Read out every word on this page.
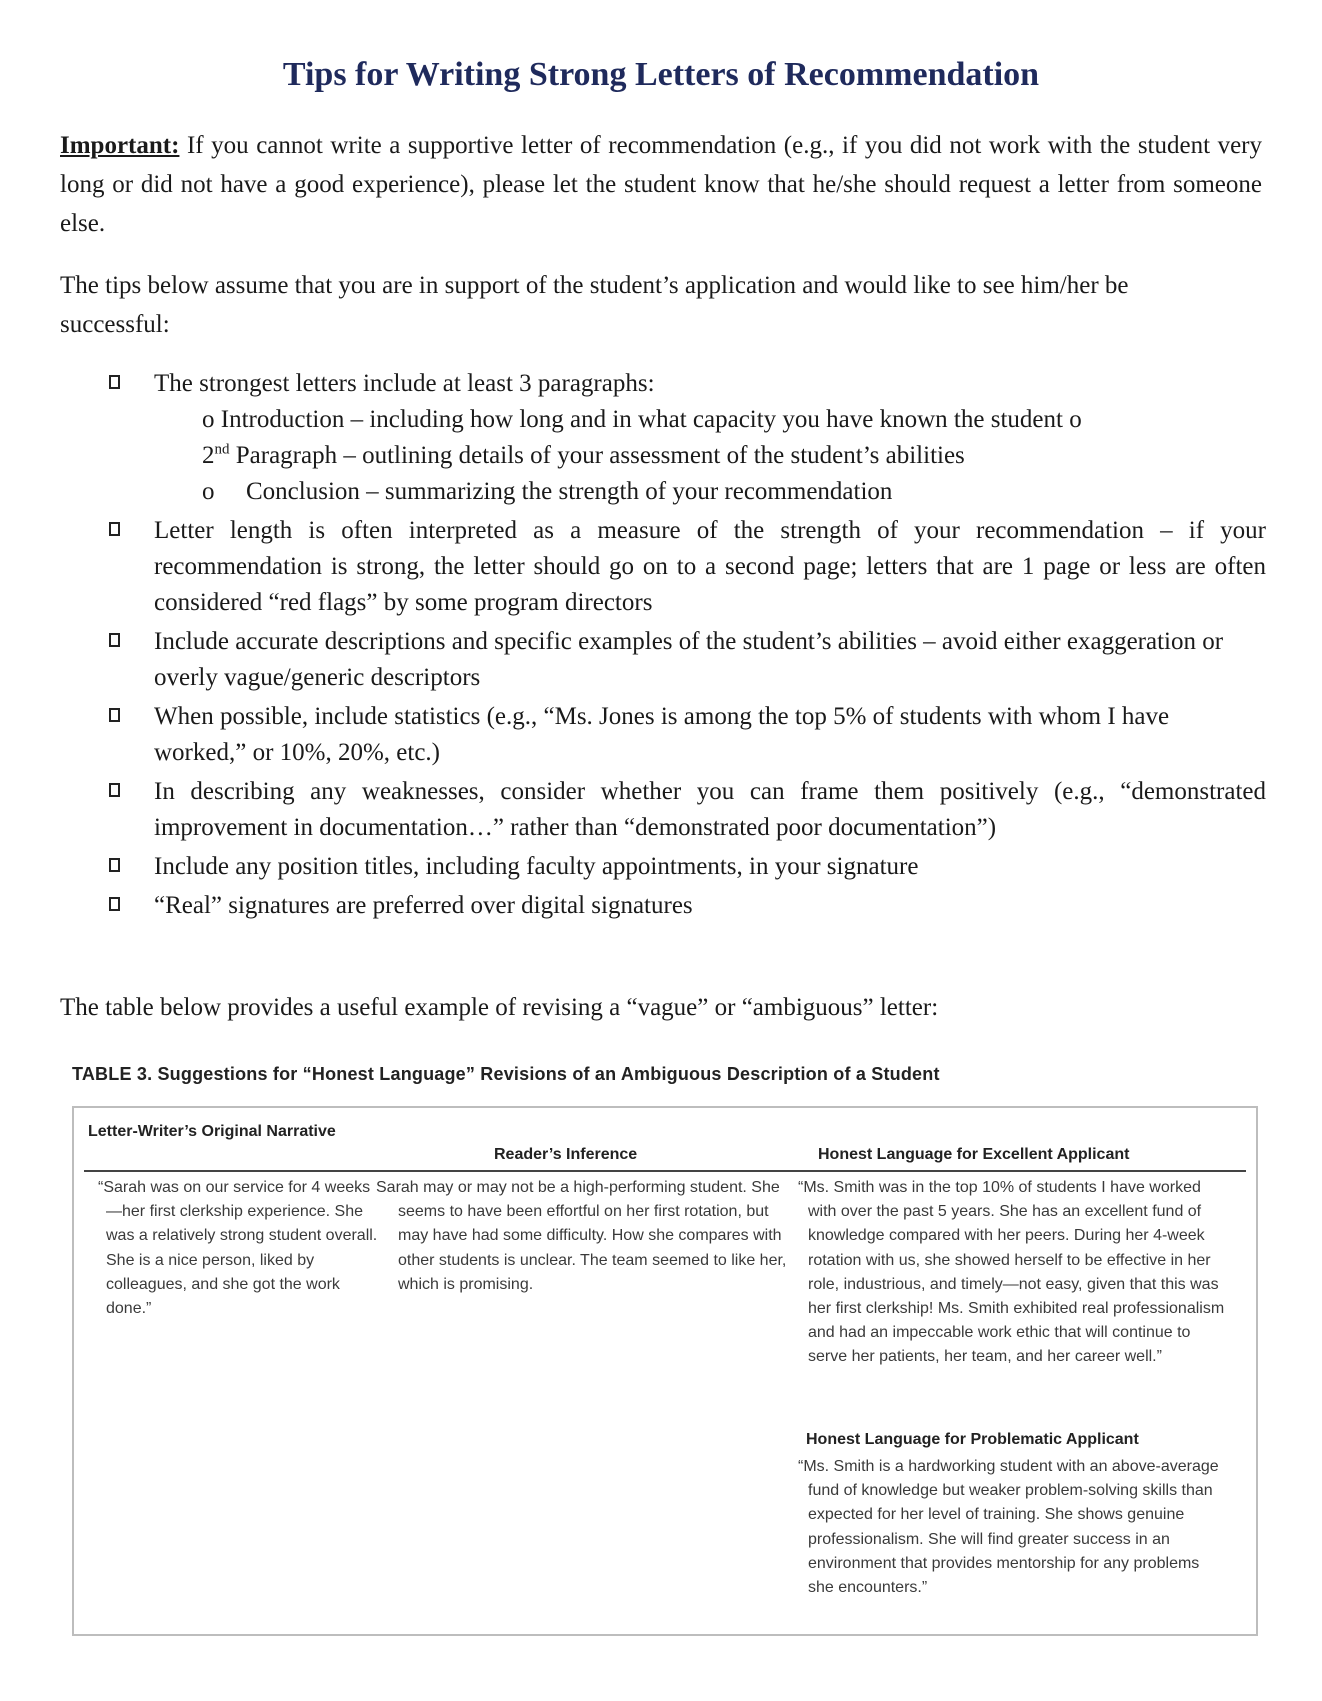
Tips for Writing Strong Letters of Recommendation
Important: If you cannot write a supportive letter of recommendation (e.g., if you did not work with the student very long or did not have a good experience), please let the student know that he/she should request a letter from someone else.
The tips below assume that you are in support of the student’s application and would like to see him/her be successful:
The strongest letters include at least 3 paragraphs:
o Introduction – including how long and in what capacity you have known the student o
2nd Paragraph – outlining details of your assessment of the student’s abilities
o Conclusion – summarizing the strength of your recommendation
Letter length is often interpreted as a measure of the strength of your recommendation – if your recommendation is strong, the letter should go on to a second page; letters that are 1 page or less are often considered “red flags” by some program directors
Include accurate descriptions and specific examples of the student’s abilities – avoid either exaggeration or overly vague/generic descriptors
When possible, include statistics (e.g., “Ms. Jones is among the top 5% of students with whom I have worked,” or 10%, 20%, etc.)
In describing any weaknesses, consider whether you can frame them positively (e.g., “demonstrated improvement in documentation…” rather than “demonstrated poor documentation”)
Include any position titles, including faculty appointments, in your signature
“Real” signatures are preferred over digital signatures
The table below provides a useful example of revising a “vague” or “ambiguous” letter:
TABLE 3. Suggestions for “Honest Language” Revisions of an Ambiguous Description of a Student
Letter-Writer’s Original Narrative
Reader’s Inference	Honest Language for Excellent Applicant
“Sarah was on our service for 4 weeks—her first clerkship experience. She was a relatively strong student overall. She is a nice person, liked by colleagues, and she got the work done.”
Sarah may or may not be a high-performing student. She seems to have been effortful on her first rotation, but may have had some difficulty. How she compares with other students is unclear. The team seemed to like her, which is promising.
“Ms. Smith was in the top 10% of students I have worked with over the past 5 years. She has an excellent fund of knowledge compared with her peers. During her 4-week rotation with us, she showed herself to be effective in her role, industrious, and timely—not easy, given that this was her first clerkship! Ms. Smith exhibited real professionalism and had an impeccable work ethic that will continue to serve her patients, her team, and her career well.”
Honest Language for Problematic Applicant
“Ms. Smith is a hardworking student with an above-average fund of knowledge but weaker problem-solving skills than expected for her level of training. She shows genuine professionalism. She will find greater success in an environment that provides mentorship for any problems she encounters.”
